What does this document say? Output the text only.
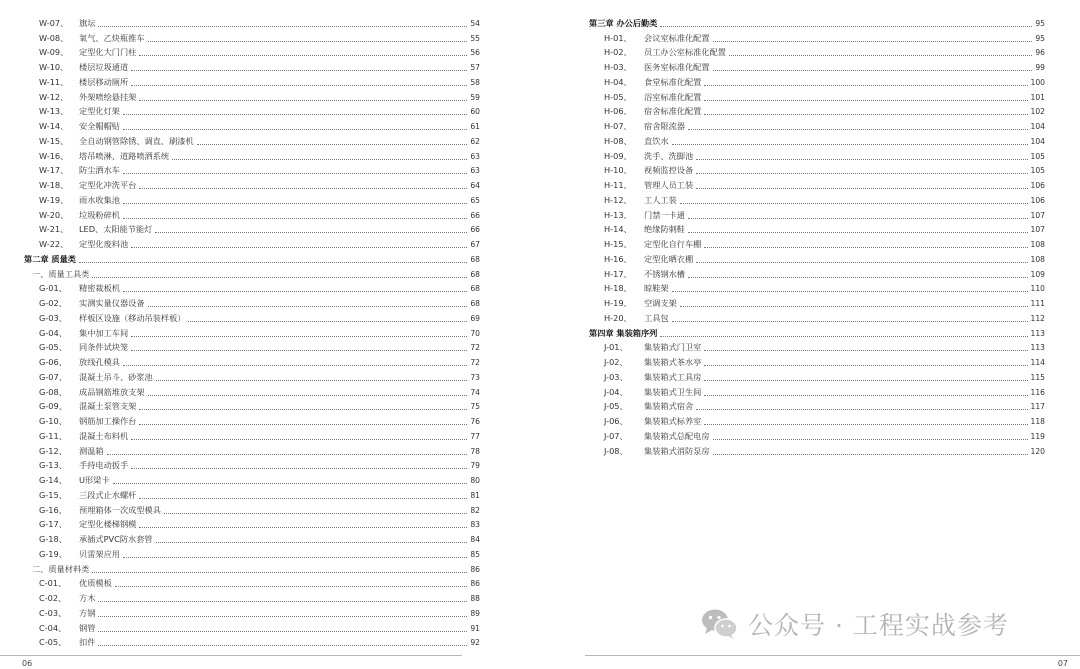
W-07、	旗坛	54
W-08、	氧气、乙炔瓶推车	55
W-09、	定型化大门门柱	56
W-10、	楼层垃圾通道	57
W-11、	楼层移动厕所	58
W-12、	外架喷绘悬挂架	59
W-13、	定型化灯架	60
W-14、	安全帽帽贴	61
W-15、	全自动钢管除锈、调直、刷漆机	62
W-16、	塔吊喷淋、道路喷洒系统	63
W-17、	防尘洒水车	63
W-18、	定型化冲洗平台	64
W-19、	雨水收集池	65
W-20、	垃圾粉碎机	66
W-21、	LED、太阳能节能灯	66
W-22、	定型化废料池	67
第二章 质量类	68
一、质量工具类	68
G-01、	精密裁板机	68
G-02、	实测实量仪器设备	68
G-03、	样板区设施（移动吊装样板）	69
G-04、	集中加工车间	70
G-05、	同条件试块笼	72
G-06、	放线孔模具	72
G-07、	混凝土吊斗、砂浆池	73
G-08、	成品钢筋堆放支架	74
G-09、	混凝土泵管支架	75
G-10、	钢筋加工操作台	76
G-11、	混凝土布料机	77
G-12、	测温箱	78
G-13、	手持电动扳手	79
G-14、	U形梁卡	80
G-15、	三段式止水螺杆	81
G-16、	预埋箱体一次成型模具	82
G-17、	定型化楼梯钢模	83
G-18、	承插式PVC防水套管	84
G-19、	贝雷架应用	85
二、质量材料类	86
C-01、	优质模板	86
C-02、	方木	88
C-03、	方钢	89
C-04、	钢管	91
C-05、	扣件	92
06
第三章 办公后勤类	95
H-01、	会议室标准化配置	95
H-02、	员工办公室标准化配置	96
H-03、	医务室标准化配置	99
H-04、	食堂标准化配置	100
H-05、	浴室标准化配置	101
H-06、	宿舍标准化配置	102
H-07、	宿舍限流器	104
H-08、	直饮水	104
H-09、	洗手、洗脚池	105
H-10、	视频监控设备	105
H-11、	管理人员工装	106
H-12、	工人工装	106
H-13、	门禁一卡通	107
H-14、	绝缘防刺鞋	107
H-15、	定型化自行车棚	108
H-16、	定型化晒衣棚	108
H-17、	不锈钢水槽	109
H-18、	晾鞋架	110
H-19、	空调支架	111
H-20、	工具包	112
第四章 集装箱序列	113
J-01、	集装箱式门卫室	113
J-02、	集装箱式茶水亭	114
J-03、	集装箱式工具房	115
J-04、	集装箱式卫生间	116
J-05、	集装箱式宿舍	117
J-06、	集装箱式标养室	118
J-07、	集装箱式总配电房	119
J-08、	集装箱式消防泵房	120
07
公众号 · 工程实战参考
